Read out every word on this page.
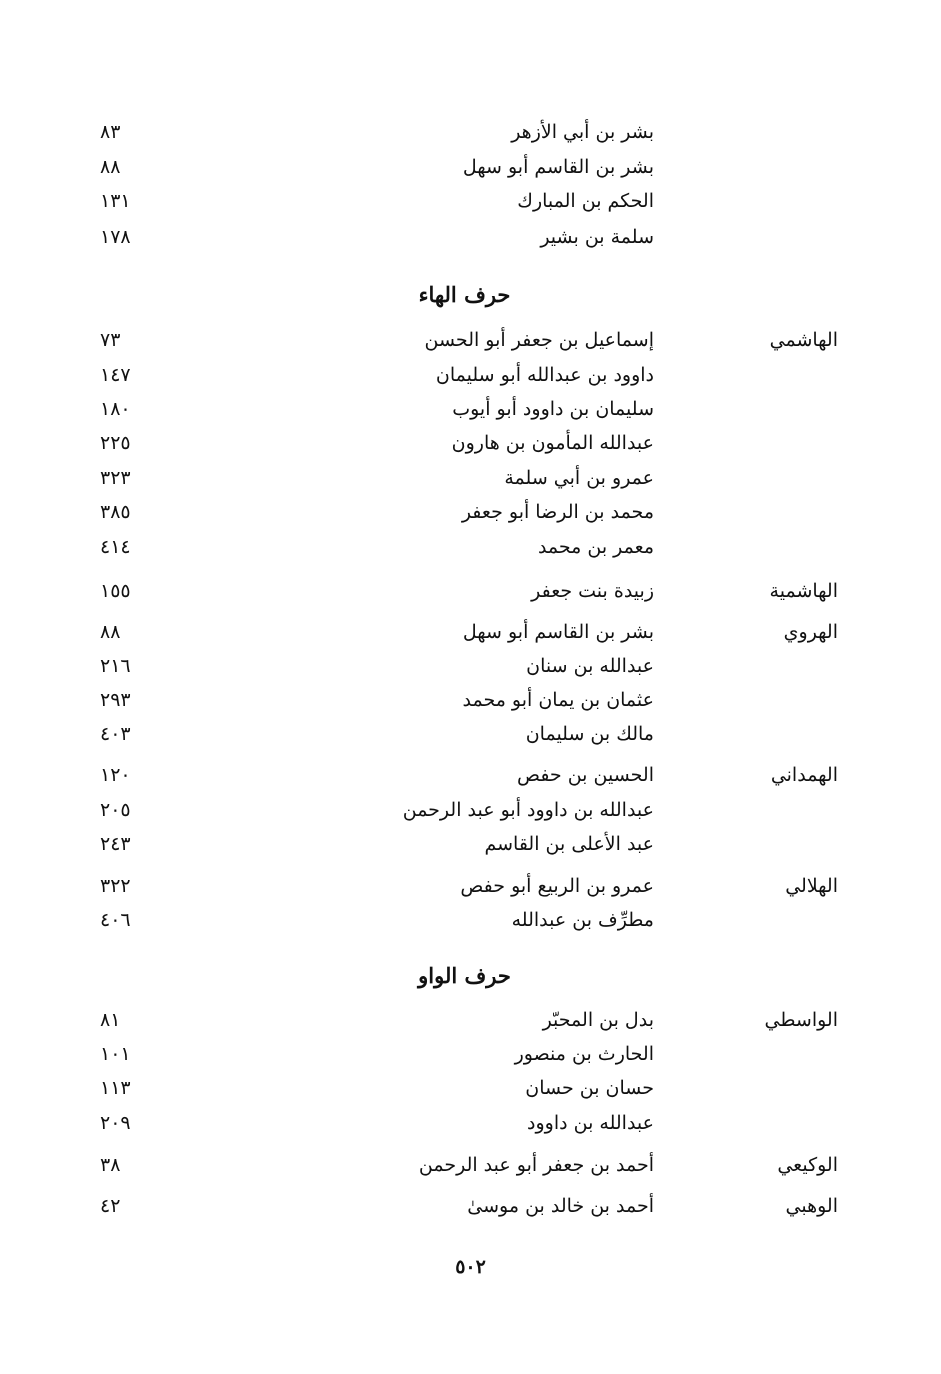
بشر بن أبي الأزهر
٨٣
بشر بن القاسم أبو سهل
٨٨
الحكم بن المبارك
١٣١
سلمة بن بشير
١٧٨
حرف الهاء
الهاشمي
إسماعيل بن جعفر أبو الحسن
٧٣
داوود بن عبدالله أبو سليمان
١٤٧
سليمان بن داوود أبو أيوب
١٨٠
عبدالله المأمون بن هارون
٢٢٥
عمرو بن أبي سلمة
٣٢٣
محمد بن الرضا أبو جعفر
٣٨٥
معمر بن محمد
٤١٤
الهاشمية
زبيدة بنت جعفر
١٥٥
الهروي
بشر بن القاسم أبو سهل
٨٨
عبدالله بن سنان
٢١٦
عثمان بن يمان أبو محمد
٢٩٣
مالك بن سليمان
٤٠٣
الهمداني
الحسين بن حفص
١٢٠
عبدالله بن داوود أبو عبد الرحمن
٢٠٥
عبد الأعلى بن القاسم
٢٤٣
الهلالي
عمرو بن الربيع أبو حفص
٣٢٢
مطرِّف بن عبدالله
٤٠٦
حرف الواو
الواسطي
بدل بن المحبّر
٨١
الحارث بن منصور
١٠١
حسان بن حسان
١١٣
عبدالله بن داوود
٢٠٩
الوكيعي
أحمد بن جعفر أبو عبد الرحمن
٣٨
الوهبي
أحمد بن خالد بن موسىٰ
٤٢
٥٠٢
